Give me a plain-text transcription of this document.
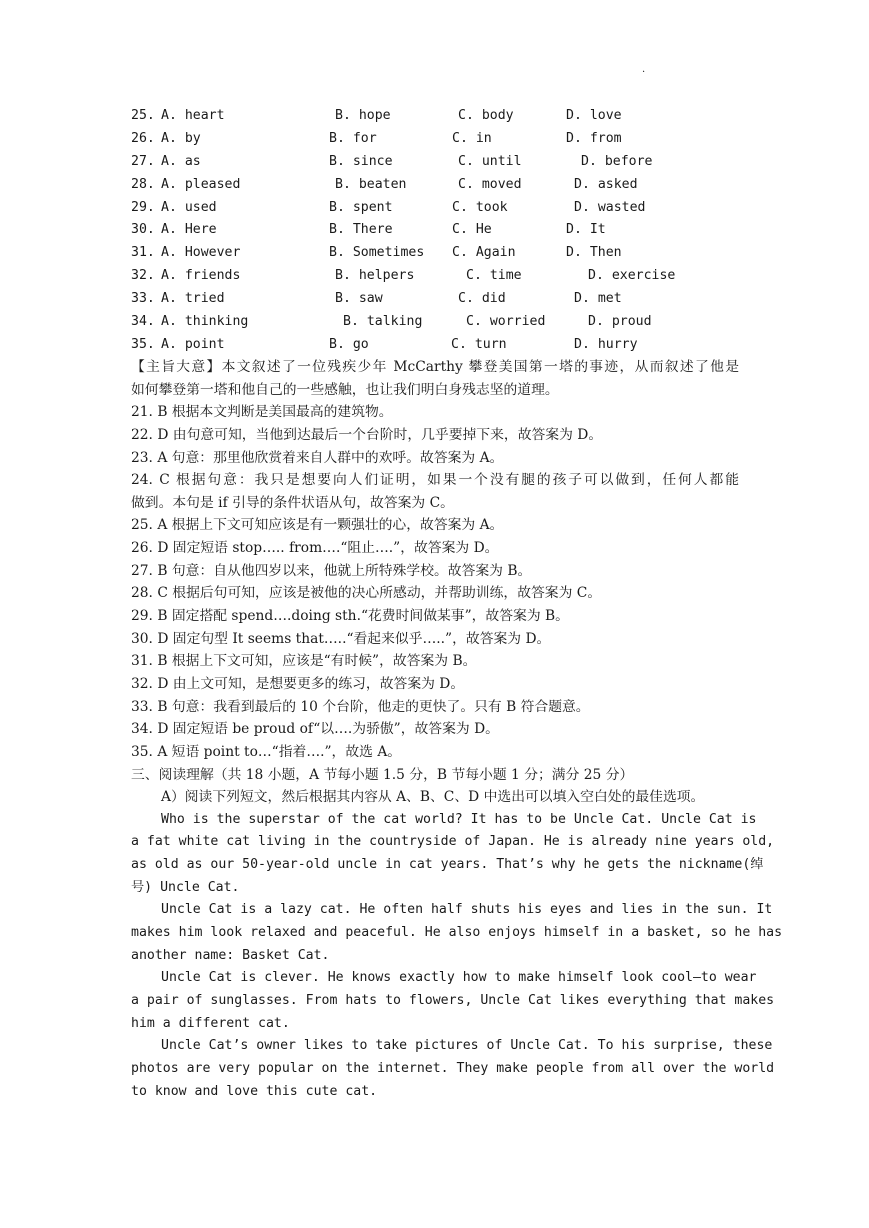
.
25. A. heart	B. hope	C. body	D. love
26. A. by	B. for	C. in	D. from
27. A. as	B. since	C. until	D. before
28. A. pleased	B. beaten	C. moved	D. asked
29. A. used	B. spent	C. took	D. wasted
30. A. Here	B. There	C. He	D. It
31. A. However	B. Sometimes C. Again	D. Then
32. A. friends	B. helpers	C. time	D. exercise
33. A. tried	B. saw	C. did	D. met
34. A. thinking	B. talking	C. worried	D. proud
35. A. point	B. go	C. turn	D. hurry
【主旨大意】本文叙述了一位残疾少年 McCarthy 攀登美国第一塔的事迹，从而叙述了他是
如何攀登第一塔和他自己的一些感触，也让我们明白身残志坚的道理。
21. B 根据本文判断是美国最高的建筑物。
22. D 由句意可知，当他到达最后一个台阶时，几乎要掉下来，故答案为 D。
23. A 句意：那里他欣赏着来自人群中的欢呼。故答案为 A。
24. C 根据句意：我只是想要向人们证明，如果一个没有腿的孩子可以做到，任何人都能
做到。本句是 if 引导的条件状语从句，故答案为 C。
25. A 根据上下文可知应该是有一颗强壮的心，故答案为 A。
26. D 固定短语 stop….. from….“阻止….”，故答案为 D。
27. B 句意：自从他四岁以来，他就上所特殊学校。故答案为 B。
28. C 根据后句可知，应该是被他的决心所感动，并帮助训练，故答案为 C。
29. B 固定搭配 spend….doing sth.“花费时间做某事”，故答案为 B。
30. D 固定句型 It seems that…..“看起来似乎…..”，故答案为 D。
31. B 根据上下文可知，应该是“有时候”，故答案为 B。
32. D 由上文可知，是想要更多的练习，故答案为 D。
33. B 句意：我看到最后的 10 个台阶，他走的更快了。只有 B 符合题意。
34. D 固定短语 be proud of“以….为骄傲”，故答案为 D。
35. A 短语 point to…“指着….”，故选 A。
三、阅读理解（共 18 小题，A 节每小题 1.5 分，B 节每小题 1 分；满分 25 分）
A）阅读下列短文，然后根据其内容从 A、B、C、D 中选出可以填入空白处的最佳选项。
Who is the superstar of the cat world? It has to be Uncle Cat. Uncle Cat is
a fat white cat living in the countryside of Japan. He is already nine years old,
as old as our 50-year-old uncle in cat years. That’s why he gets the nickname(绰
号) Uncle Cat.
Uncle Cat is a lazy cat. He often half shuts his eyes and lies in the sun. It
makes him look relaxed and peaceful. He also enjoys himself in a basket, so he has
another name: Basket Cat.
Uncle Cat is clever. He knows exactly how to make himself look cool—to wear
a pair of sunglasses. From hats to flowers, Uncle Cat likes everything that makes
him a different cat.
Uncle Cat’s owner likes to take pictures of Uncle Cat. To his surprise, these
photos are very popular on the internet. They make people from all over the world
to know and love this cute cat.
